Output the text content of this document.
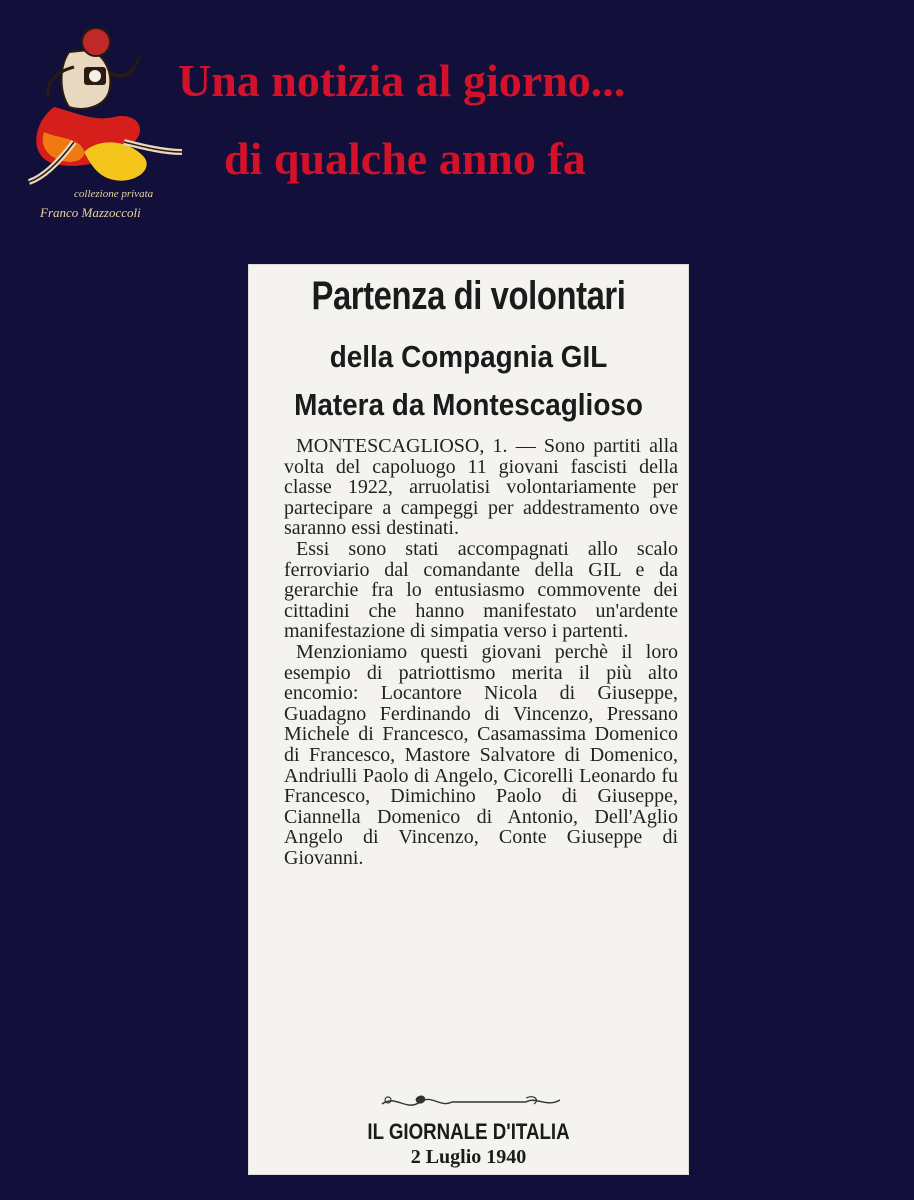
collezione privata
Franco Mazzoccoli
Una notizia al giorno...
di qualche anno fa
Partenza di volontari
della Compagnia GIL
Matera da Montescaglioso

MONTESCAGLIOSO, 1. — Sono partiti alla volta del capoluogo 11 giovani fascisti della classe 1922, arruolatisi volontariamente per partecipare a campeggi per addestramento ove saranno essi destinati.

Essi sono stati accompagnati allo scalo ferroviario dal comandante della GIL e da gerarchie fra lo entusiasmo commovente dei cittadini che hanno manifestato un'ardente manifestazione di simpatia verso i partenti.

Menzioniamo questi giovani perchè il loro esempio di patriottismo merita il più alto encomio: Locantore Nicola di Giuseppe, Guadagno Ferdinando di Vincenzo, Pressano Michele di Francesco, Casamassima Domenico di Francesco, Mastore Salvatore di Domenico, Andriulli Paolo di Angelo, Cicorelli Leonardo fu Francesco, Dimichino Paolo di Giuseppe, Ciannella Domenico di Antonio, Dell'Aglio Angelo di Vincenzo, Conte Giuseppe di Giovanni.

IL GIORNALE D'ITALIA
2 Luglio 1940
